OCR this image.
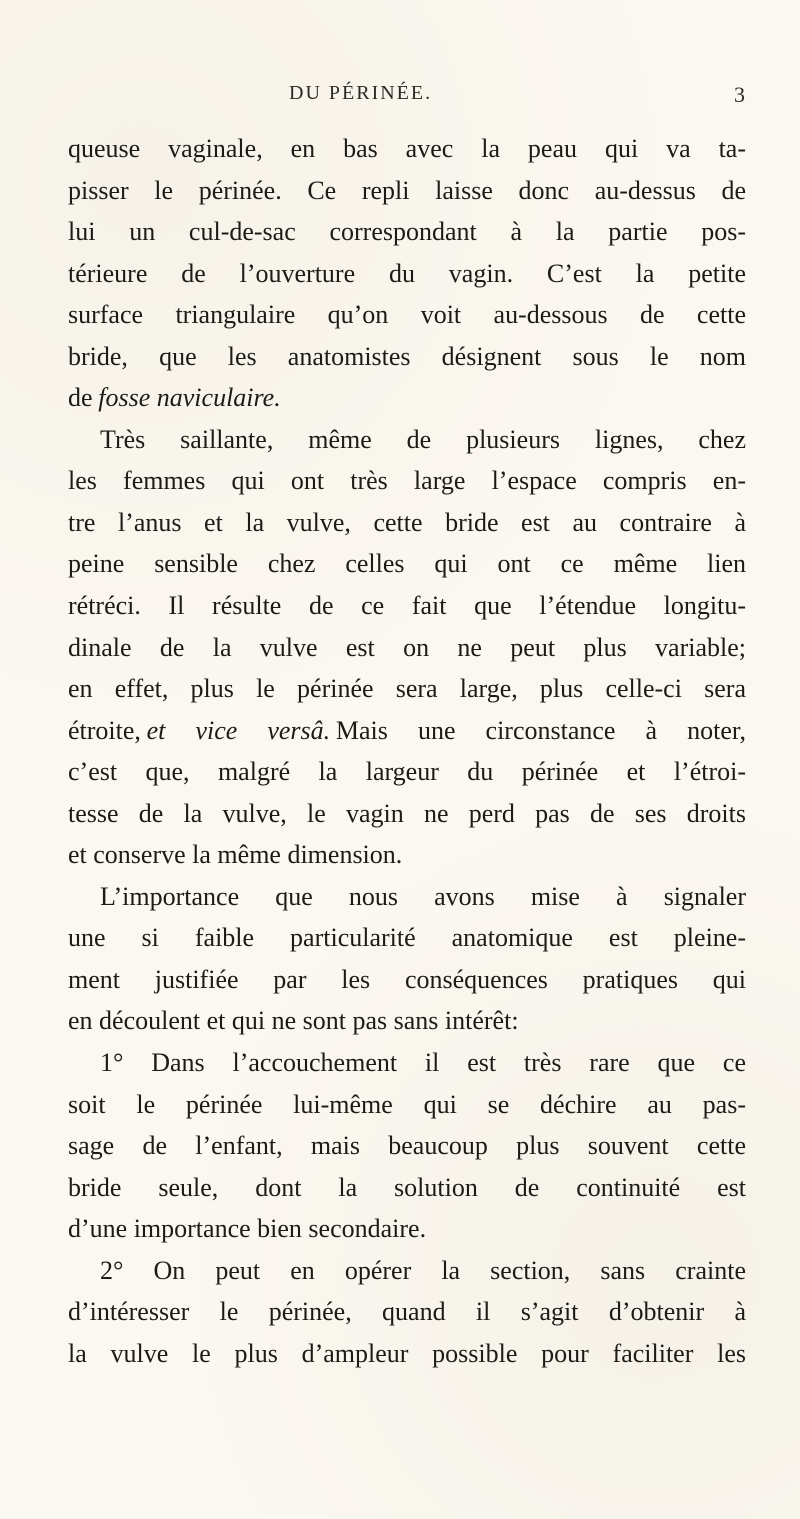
DU PÉRINÉE.	3
queuse vaginale, en bas avec la peau qui va ta-
pisser le périnée. Ce repli laisse donc au-dessus de
lui un cul-de-sac correspondant à la partie pos-
térieure de l’ouverture du vagin. C’est la petite
surface triangulaire qu’on voit au-dessous de cette
bride, que les anatomistes désignent sous le nom
de fosse naviculaire.
Très saillante, même de plusieurs lignes, chez
les femmes qui ont très large l’espace compris en-
tre l’anus et la vulve, cette bride est au contraire à
peine sensible chez celles qui ont ce même lien
rétréci. Il résulte de ce fait que l’étendue longitu-
dinale de la vulve est on ne peut plus variable;
en effet, plus le périnée sera large, plus celle-ci sera
étroite, et vice versâ. Mais une circonstance à noter,
c’est que, malgré la largeur du périnée et l’étroi-
tesse de la vulve, le vagin ne perd pas de ses droits
et conserve la même dimension.
L’importance que nous avons mise à signaler
une si faible particularité anatomique est pleine-
ment justifiée par les conséquences pratiques qui
en découlent et qui ne sont pas sans intérêt:
1° Dans l’accouchement il est très rare que ce
soit le périnée lui-même qui se déchire au pas-
sage de l’enfant, mais beaucoup plus souvent cette
bride seule, dont la solution de continuité est
d’une importance bien secondaire.
2° On peut en opérer la section, sans crainte
d’intéresser le périnée, quand il s’agit d’obtenir à
la vulve le plus d’ampleur possible pour faciliter les
